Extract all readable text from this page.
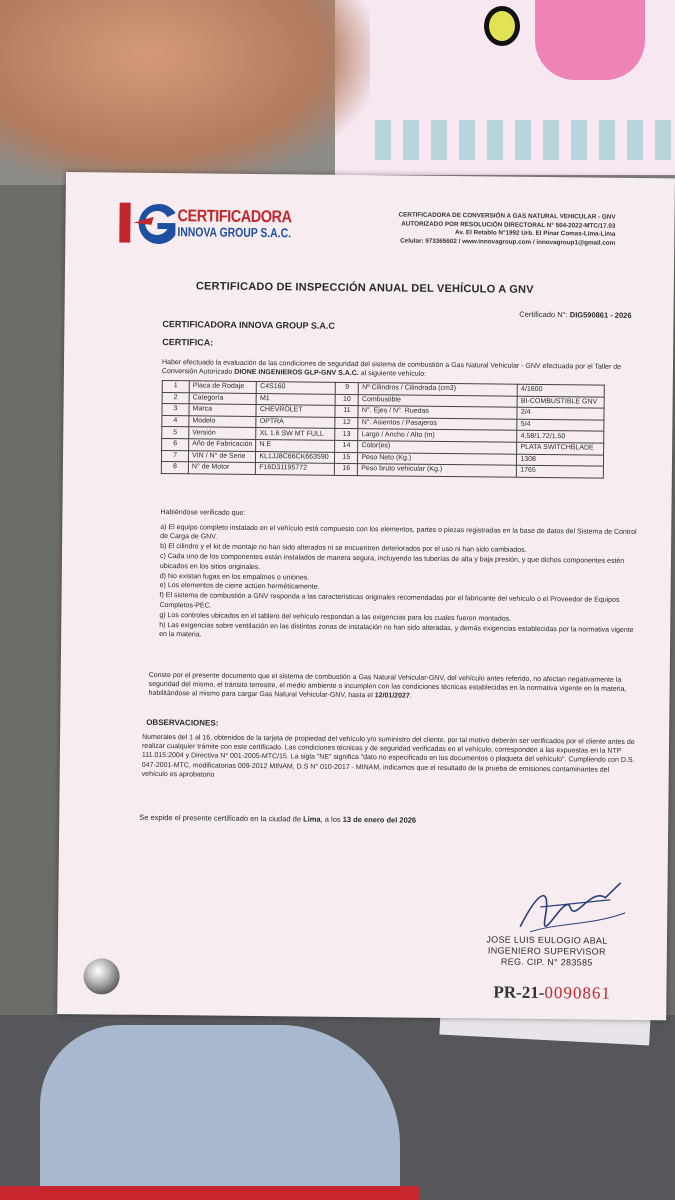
CERTIFICADORA
INNOVA GROUP S.A.C.
CERTIFICADORA DE CONVERSIÓN A GAS NATURAL VEHICULAR - GNV
AUTORIZADO POR RESOLUCIÓN DIRECTORAL N° 504-2022-MTC/17.03
Av. El Retablo N°1992 Urb. El Pinar Comas-Lima-Lima
Celular: 973365602 / www.innovagroup.com / innovagroup1@gmail.com
CERTIFICADO DE INSPECCIÓN ANUAL DEL VEHÍCULO A GNV
Certificado N°: DIG590861 - 2026
CERTIFICADORA INNOVA GROUP S.A.C
CERTIFICA:
Haber efectuado la evaluación de las condiciones de seguridad del sistema de combustión a Gas Natural Vehicular - GNV efectuada por el Taller de Conversión Autorizado DIONE INGENIEROS GLP-GNV S.A.C. al siguiente vehículo:
1	Placa de Rodaje	C4S160	9	Nº Cilindros / Cilindrada (cm3)	4/1600
2	Categoría	M1	10	Combustible	BI-COMBUSTIBLE GNV
3	Marca	CHEVROLET	11	N°. Ejes / N°. Ruedas	2/4
4	Modelo	OPTRA	12	N°. Asientos / Pasajeros	5/4
5	Versión	XL 1.6 SW MT FULL	13	Largo / Ancho / Alto (m)	4.58/1.72/1.50
6	Año de Fabricación	N.E	14	Color(es)	PLATA SWITCHBLADE
7	VIN / N° de Serie	KL1JJ8C66CK663590	15	Peso Neto (Kg.)	1308
8	N° de Motor	F16D31195772	16	Peso bruto vehicular (Kg.)	1765
Habiéndose verificado que:
a) El equipo completo instalado en el vehículo está compuesto con los elementos, partes o piezas registradas en la base de datos del Sistema de Control de Carga de GNV.
b) El cilindro y el kit de montaje no han sido alterados ni se encuentren deteriorados por el uso ni han sido cambiados.
c) Cada uno de los componentes están instalados de manera segura, incluyendo las tuberías de alta y baja presión, y que dichos componentes estén ubicados en los sitios originales.
d) No existan fugas en los empalmes o uniones.
e) Los elementos de cierre actúen herméticamente.
f) El sistema de combustión a GNV responda a las características originales recomendadas por el fabricante del vehículo o el Proveedor de Equipos Completos-PEC.
g) Los controles ubicados en el tablero del vehículo respondan a las exigencias para los cuales fueron montados.
h) Las exigencias sobre ventilación en las distintas zonas de instalación no han sido alteradas, y demás exigencias establecidas por la normativa vigente en la materia.
Conste por el presente documento que el sistema de combustión a Gas Natural Vehicular-GNV, del vehículo antes referido, no afectan negativamente la seguridad del mismo, el tránsito terrestre, el medio ambiente o incumplen con las condiciones técnicas establecidas en la normativa vigente en la materia, habilitándose al mismo para cargar Gas Natural Vehicular-GNV, hasta el 12/01/2027.
OBSERVACIONES:
Numerales del 1 al 16, obtenidos de la tarjeta de propiedad del vehículo y/o suministro del cliente, por tal motivo deberán ser verificados por el cliente antes de realizar cualquier trámite con este certificado. Las condiciones técnicas y de seguridad verificadas en el vehículo, corresponden a las expuestas en la NTP 111.015:2004 y Directiva N° 001-2005-MTC/15. La sigla "NE" significa "dato no especificado en los documentos o plaqueta del vehículo". Cumpliendo con D.S. 047-2001-MTC, modificatorias 009-2012 MINAM, D.S N° 010-2017 - MINAM, indicamos que el resultado de la prueba de emisiones contaminantes del vehículo es aprobatorio
Se expide el presente certificado en la ciudad de Lima, a los 13 de enero del 2026
JOSE LUIS EULOGIO ABAL
INGENIERO SUPERVISOR
REG. CIP. N° 283585
PR-21-0090861
